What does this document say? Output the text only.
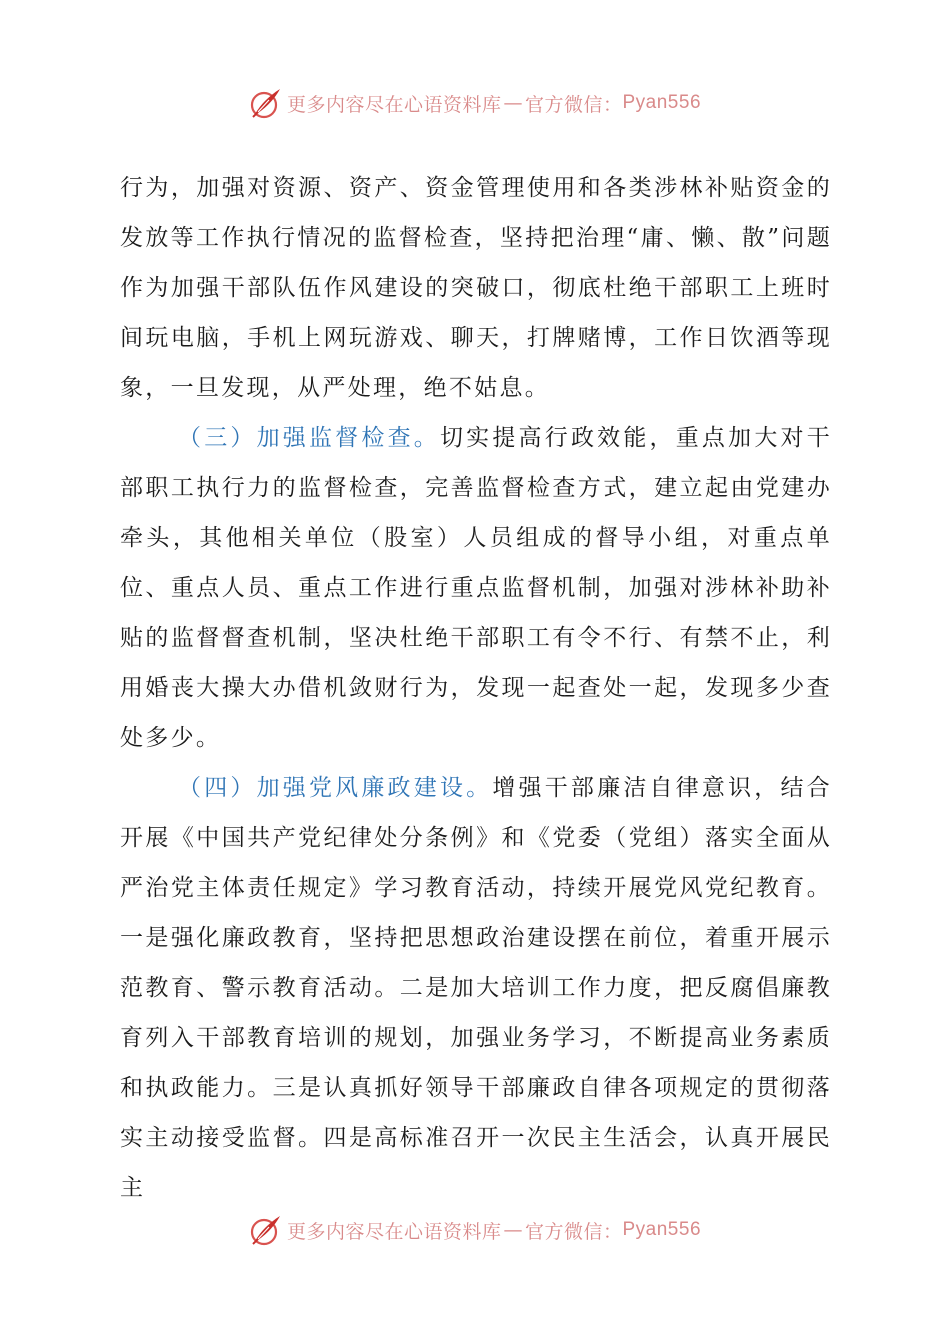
更多内容尽在心语资料库 — 官方微信： Pyan556

行为，加强对资源、资产、资金管理使用和各类涉林补贴资金的发放等工作执行情况的监督检查，坚持把治理“庸、懒、散”问题作为加强干部队伍作风建设的突破口，彻底杜绝干部职工上班时间玩电脑，手机上网玩游戏、聊天，打牌赌博，工作日饮酒等现象，一旦发现，从严处理，绝不姑息。

（三）加强监督检查。切实提高行政效能，重点加大对干部职工执行力的监督检查，完善监督检查方式，建立起由党建办牵头，其他相关单位（股室）人员组成的督导小组，对重点单位、重点人员、重点工作进行重点监督机制，加强对涉林补助补贴的监督督查机制，坚决杜绝干部职工有令不行、有禁不止，利用婚丧大操大办借机敛财行为，发现一起查处一起，发现多少查处多少。

（四）加强党风廉政建设。增强干部廉洁自律意识，结合开展《中国共产党纪律处分条例》和《党委（党组）落实全面从严治党主体责任规定》学习教育活动，持续开展党风党纪教育。一是强化廉政教育，坚持把思想政治建设摆在前位，着重开展示范教育、警示教育活动。二是加大培训工作力度，把反腐倡廉教育列入干部教育培训的规划，加强业务学习，不断提高业务素质和执政能力。三是认真抓好领导干部廉政自律各项规定的贯彻落实主动接受监督。四是高标准召开一次民主生活会，认真开展民主

更多内容尽在心语资料库 — 官方微信： Pyan556
